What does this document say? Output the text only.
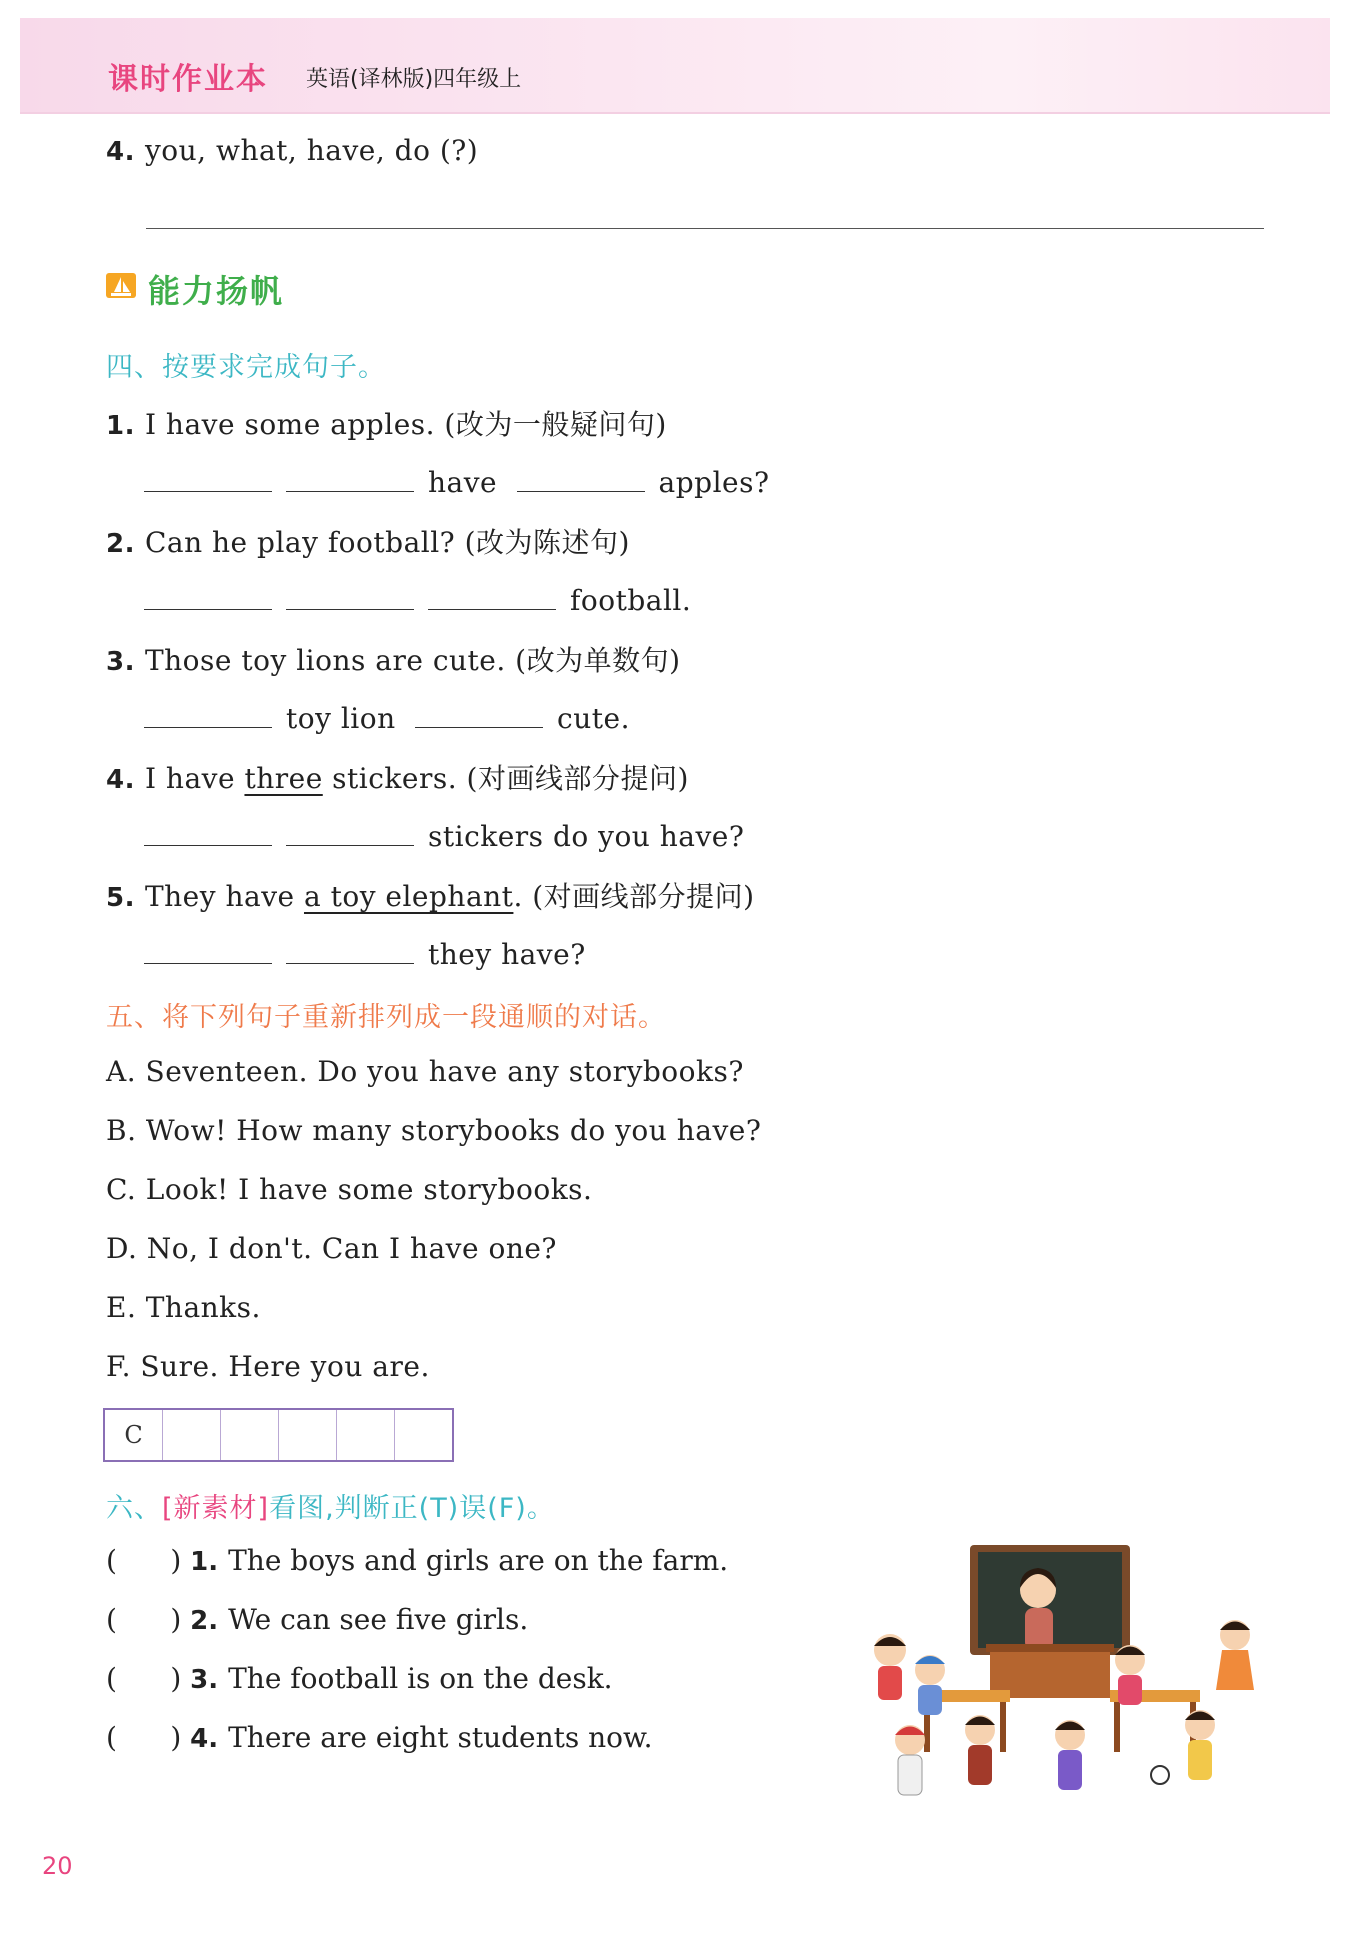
课时作业本 英语(译林版)四年级上
4. you, what, have, do (?)
能力扬帆
四、按要求完成句子。
1. I have some apples. (改为一般疑问句)
have	apples?
2. Can he play football? (改为陈述句)
football.
3. Those toy lions are cute. (改为单数句)
toy lion	cute.
4. I have three stickers. (对画线部分提问)
stickers do you have?
5. They have a toy elephant. (对画线部分提问)
they have?
五、将下列句子重新排列成一段通顺的对话。
A. Seventeen. Do you have any storybooks?
B. Wow! How many storybooks do you have?
C. Look! I have some storybooks.
D. No, I don't. Can I have one?
E. Thanks.
F. Sure. Here you are.
C
六、[新素材]看图,判断正(T)误(F)。
(      ) 1. The boys and girls are on the farm.
(      ) 2. We can see five girls.
(      ) 3. The football is on the desk.
(      ) 4. There are eight students now.
20
